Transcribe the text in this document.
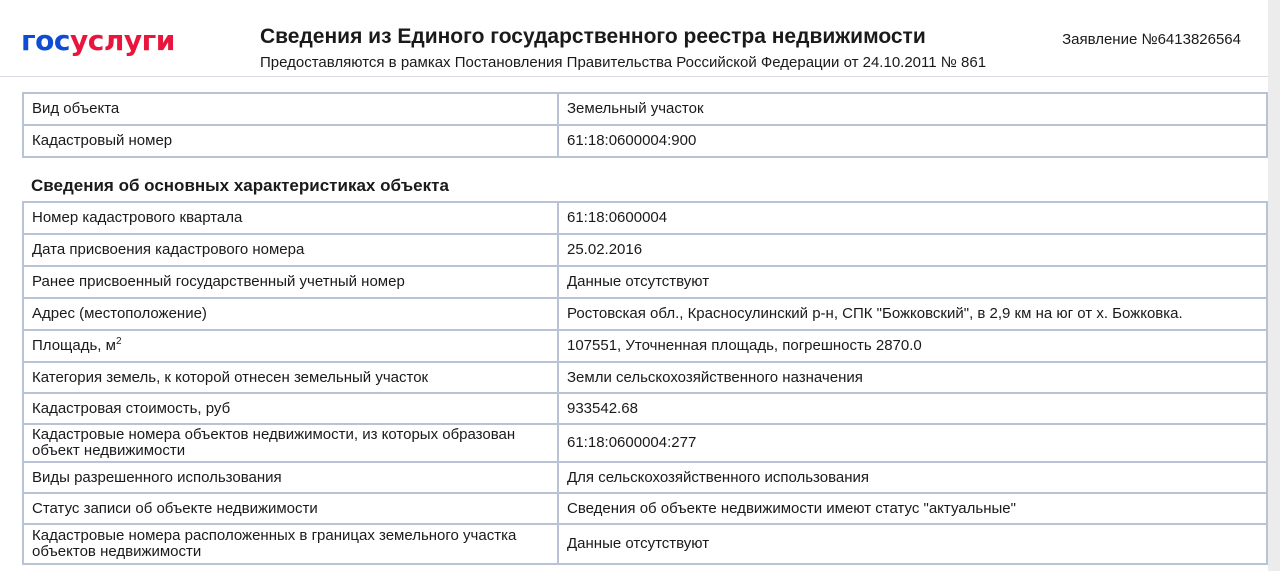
госуслуги	Сведения из Единого государственного реестра недвижимости
Предоставляются в рамках Постановления Правительства Российской Федерации от 24.10.2011 № 861
Заявление №6413826564
Вид объекта	Земельный участок
Кадастровый номер	61:18:0600004:900
Сведения об основных характеристиках объекта
Номер кадастрового квартала	61:18:0600004
Дата присвоения кадастрового номера	25.02.2016
Ранее присвоенный государственный учетный номер	Данные отсутствуют
Адрес (местоположение)	Ростовская обл., Красносулинский р-н, СПК "Божковский", в 2,9 км на юг от х. Божковка.
Площадь, $м^2$	107551, Уточненная площадь, погрешность 2870.0
Категория земель, к которой отнесен земельный участок	Земли сельскохозяйственного назначения
Кадастровая стоимость, руб	933542.68
Кадастровые номера объектов недвижимости, из которых образован объект недвижимости	61:18:0600004:277
Виды разрешенного использования	Для сельскохозяйственного использования
Статус записи об объекте недвижимости	Сведения об объекте недвижимости имеют статус "актуальные"
Кадастровые номера расположенных в границах земельного участка объектов недвижимости	Данные отсутствуют
